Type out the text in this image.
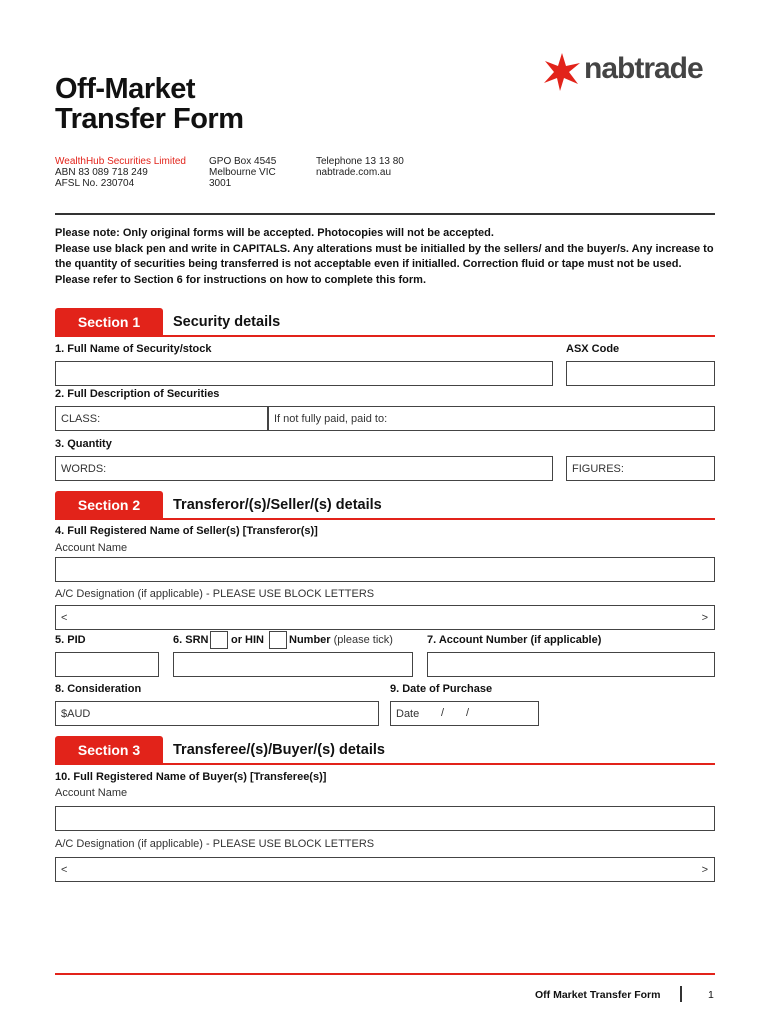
Off-Market
Transfer Form
nabtrade
WealthHub Securities Limited
ABN 83 089 718 249
AFSL No. 230704
GPO Box 4545
Melbourne VIC
3001
Telephone 13 13 80
nabtrade.com.au
Please note: Only original forms will be accepted. Photocopies will not be accepted.
Please use black pen and write in CAPITALS. Any alterations must be initialled by the sellers/ and the buyer/s. Any increase to the quantity of securities being transferred is not acceptable even if initialled. Correction fluid or tape must not be used.
Please refer to Section 6 for instructions on how to complete this form.
Section 1	Security details
1. Full Name of Security/stock	ASX Code
2. Full Description of Securities
CLASS:	If not fully paid, paid to:
3. Quantity
WORDS:	FIGURES:
Section 2	Transferor/(s)/Seller/(s) details
4. Full Registered Name of Seller(s) [Transferor(s)]
Account Name
A/C Designation (if applicable) - PLEASE USE BLOCK LETTERS
<	>
5. PID	6. SRN or HIN Number (please tick)	7. Account Number (if applicable)
8. Consideration	9. Date of Purchase
$AUD	Date / /
Section 3	Transferee/(s)/Buyer/(s) details
10. Full Registered Name of Buyer(s) [Transferee(s)]
Account Name
A/C Designation (if applicable) - PLEASE USE BLOCK LETTERS
<	>
Off Market Transfer Form	1
